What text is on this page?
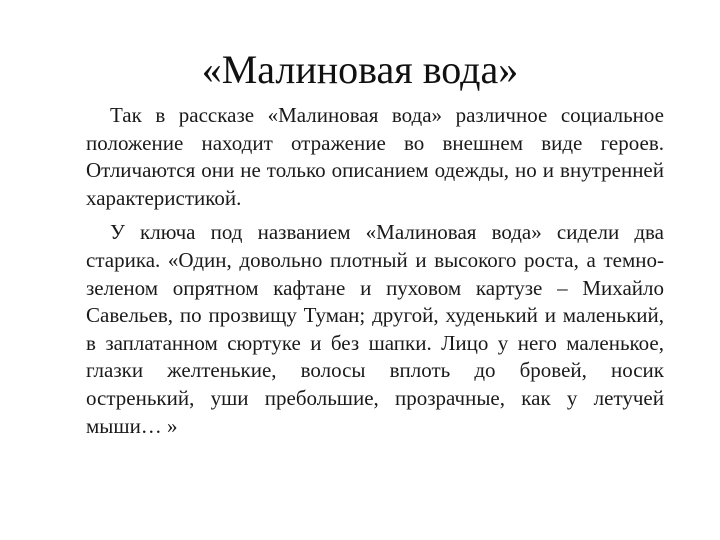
«Малиновая вода»

Так в рассказе «Малиновая вода» различное социальное положение находит отражение во внешнем виде героев. Отличаются они не только описанием одежды, но и внутренней характеристикой.

У ключа под названием «Малиновая вода» сидели два старика. «Один, довольно плотный и высокого роста, а темно-зеленом опрятном кафтане и пуховом картузе – Михайло Савельев, по прозвищу Туман; другой, худенький и маленький, в заплатанном сюртуке и без шапки. Лицо у него маленькое, глазки желтенькие, волосы вплоть до бровей, носик остренький, уши пребольшие, прозрачные, как у летучей мыши… »
